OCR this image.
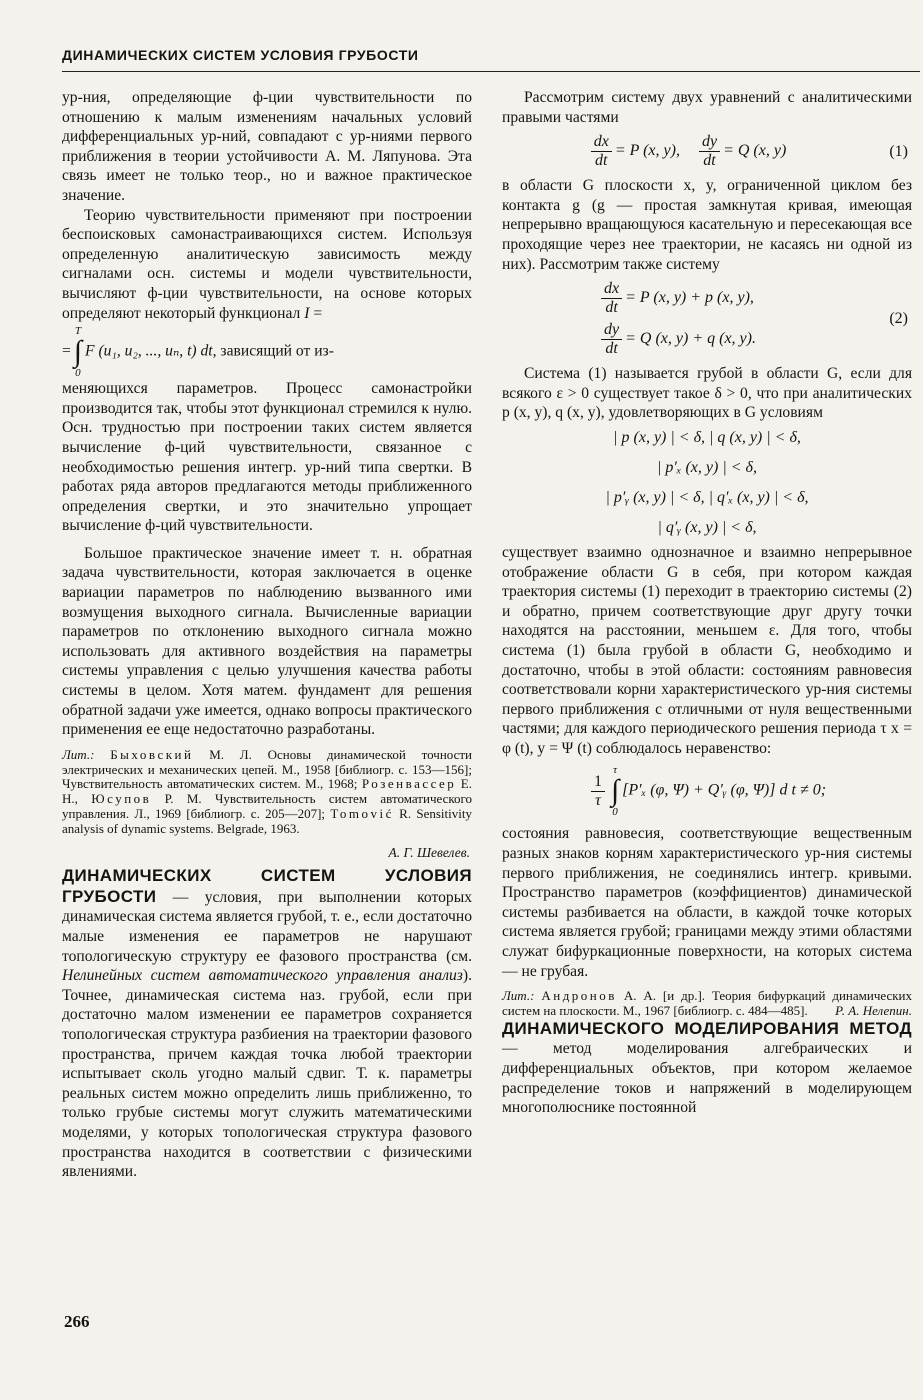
ДИНАМИЧЕСКИХ СИСТЕМ УСЛОВИЯ ГРУБОСТИ

ур-ния, определяющие ф-ции чувствительности по отношению к малым изменениям начальных условий дифференциальных ур-ний, совпадают с ур-ниями первого приближения в теории устойчивости А. М. Ляпунова. Эта связь имеет не только теор., но и важное практическое значение.

Теорию чувствительности применяют при построении беспоисковых самонастраивающихся систем. Используя определенную аналитическую зависимость между сигналами осн. системы и модели чувствительности, вычисляют ф-ции чувствительности, на основе которых определяют некоторый функционал I =

=
T
∫
0
F (u₁, u₂, ..., uₙ, t) dt, зависящий от из-

меняющихся параметров. Процесс самонастройки производится так, чтобы этот функционал стремился к нулю. Осн. трудностью при построении таких систем является вычисление ф-ций чувствительности, связанное с необходимостью решения интегр. ур-ний типа свертки. В работах ряда авторов предлагаются методы приближенного определения свертки, и это значительно упрощает вычисление ф-ций чувствительности.

Большое практическое значение имеет т. н. обратная задача чувствительности, которая заключается в оценке вариации параметров по наблюдению вызванного ими возмущения выходного сигнала. Вычисленные вариации параметров по отклонению выходного сигнала можно использовать для активного воздействия на параметры системы управления с целью улучшения качества работы системы в целом. Хотя матем. фундамент для решения обратной задачи уже имеется, однако вопросы практического применения ее еще недостаточно разработаны.

Лит.: Быховский М. Л. Основы динамической точности электрических и механических цепей. М., 1958 [библиогр. с. 153—156]; Чувствительность автоматических систем. М., 1968; Розенвассер Е. Н., Юсупов Р. М. Чувствительность систем автоматического управления. Л., 1969 [библиогр. с. 205—207]; Tomović R. Sensitivity analysis of dynamic systems. Belgrade, 1963.

А. Г. Шевелев.

ДИНАМИЧЕСКИХ СИСТЕМ УСЛОВИЯ ГРУБОСТИ — условия, при выполнении которых динамическая система является грубой, т. е., если достаточно малые изменения ее параметров не нарушают топологическую структуру ее фазового пространства (см. Нелинейных систем автоматического управления анализ). Точнее, динамическая система наз. грубой, если при достаточно малом изменении ее параметров сохраняется топологическая структура разбиения на траектории фазового пространства, причем каждая точка любой траектории испытывает сколь угодно малый сдвиг. Т. к. параметры реальных систем можно определить лишь приближенно, то только грубые системы могут служить математическими моделями, у которых топологическая структура фазового пространства находится в соответствии с физическими явлениями.

Рассмотрим систему двух уравнений с аналитическими правыми частями

$\frac{dx}{dt} = P$ (x, y), $\frac{dy}{dt} = Q$ (x, y)	(1)

в области G плоскости x, y, ограниченной циклом без контакта g (g — простая замкнутая кривая, имеющая непрерывно вращающуюся касательную и пересекающая все проходящие через нее траектории, не касаясь ни одной из них). Рассмотрим также систему

$\frac{dx}{dt} = P$ (x, y) + p (x, y),
$\frac{dy}{dt} = Q$ (x, y) + q (x, y).
(2)

Система (1) называется грубой в области G, если для всякого ε > 0 существует такое δ > 0, что при аналитических p (x, y), q (x, y), удовлетворяющих в G условиям

| p (x, y) | < δ, | q (x, y) | < δ,
| p′ₓ (x, y) | < δ,
| p′ᵧ (x, y) | < δ, | q′ₓ (x, y) | < δ,
| q′ᵧ (x, y) | < δ,

существует взаимно однозначное и взаимно непрерывное отображение области G в себя, при котором каждая траектория системы (1) переходит в траекторию системы (2) и обратно, причем соответствующие друг другу точки находятся на расстоянии, меньшем ε. Для того, чтобы система (1) была грубой в области G, необходимо и достаточно, чтобы в этой области: состояниям равновесия соответствовали корни характеристического ур-ния системы первого приближения с отличными от нуля вещественными частями; для каждого периодического решения периода τ x = φ (t), y = Ψ (t) соблюдалось неравенство:

$\frac{1}{\tau}$
τ
∫
0
[P′ₓ (φ, Ψ) + Q′ᵧ (φ, Ψ)] d t ≠ 0;

состояния равновесия, соответствующие вещественным разных знаков корням характеристического ур-ния системы первого приближения, не соединялись интегр. кривыми. Пространство параметров (коэффициентов) динамической системы разбивается на области, в каждой точке которых система является грубой; границами между этими областями служат бифуркационные поверхности, на которых система — не грубая.

Лит.: Андронов А. А. [и др.]. Теория бифуркаций динамических систем на плоскости. М., 1967 [библиогр. с. 484—485]. Р. А. Нелепин.

ДИНАМИЧЕСКОГО МОДЕЛИРОВАНИЯ МЕТОД — метод моделирования алгебраических и дифференциальных объектов, при котором желаемое распределение токов и напряжений в моделирующем многополюснике постоянной

266
